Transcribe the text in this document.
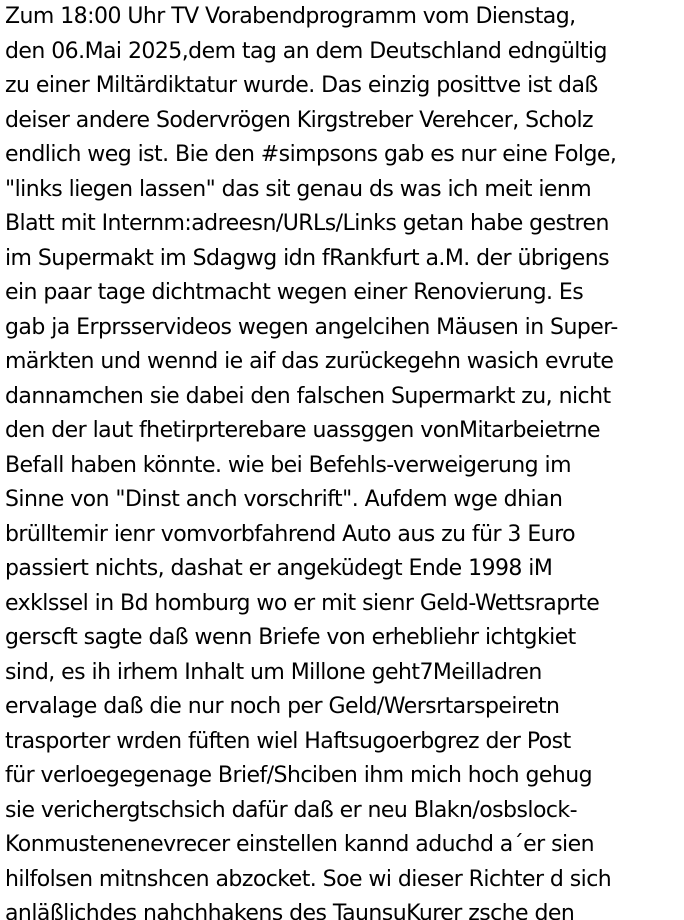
Zum 18:00 Uhr TV Vorabendprogramm vom Dienstag,
den 06.Mai 2025,dem tag an dem Deutschland edngültig
zu einer Miltärdiktatur wurde. Das einzig posittve ist daß
deiser andere Sodervrögen Kirgstreber Verehcer, Scholz
endlich weg ist. Bie den #simpsons gab es nur eine Folge,
"links liegen lassen" das sit genau ds was ich meit ienm
Blatt mit Internm:adreesn/URLs/Links getan habe gestren
im Supermakt im Sdagwg idn fRankfurt a.M. der übrigens
ein paar tage dichtmacht wegen einer Renovierung. Es
gab ja Erprsservideos wegen angelcihen Mäusen in Super-
märkten und wennd ie aif das zurückegehn wasich evrute
dannamchen sie dabei den falschen Supermarkt zu, nicht
den der laut fhetirprterebare uassggen vonMitarbeietrne
Befall haben könnte. wie bei Befehls-verweigerung im
Sinne von "Dinst anch vorschrift". Aufdem wge dhian
brülltemir ienr vomvorbfahrend Auto aus zu für 3 Euro
passiert nichts, dashat er angeküdegt Ende 1998 iM
exklssel in Bd homburg wo er mit sienr Geld-Wettsraprte
gerscft sagte daß wenn Briefe von erhebliehr ichtgkiet
sind, es ih irhem Inhalt um Millone geht7Meilladren
ervalage daß die nur noch per Geld/Wersrtarspeiretn
trasporter wrden füften wiel Haftsugoerbgrez der Post
für verloegegenage Brief/Shciben ihm mich hoch gehug
sie verichergtschsich dafür daß er neu Blakn/osbslock-
Konmustenenevrecer einstellen kannd aduchd a´er sien
hilfolsen mitnshcen abzocket. Soe wi dieser Richter d sich
anläßlichdes nahchhakens des TaunsuKurer zsche den
